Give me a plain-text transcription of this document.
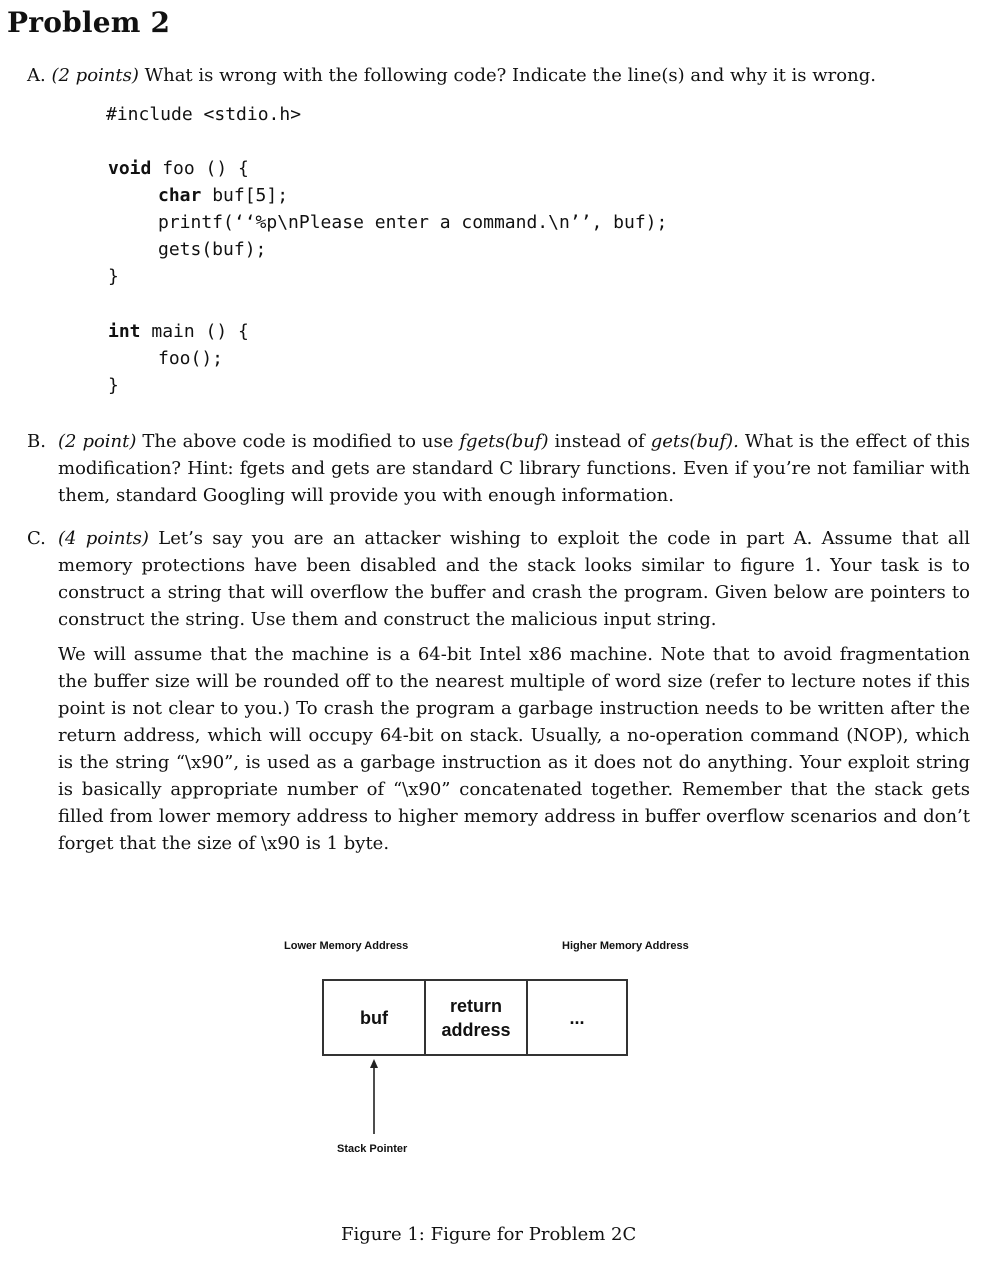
Problem 2
A. (2 points) What is wrong with the following code? Indicate the line(s) and why it is wrong.
#include <stdio.h>
void foo () {
char buf[5];
printf(‘‘%p\nPlease enter a command.\n’’, buf);
gets(buf);
}
int main () {
foo();
}
B. (2 point) The above code is modified to use fgets(buf) instead of gets(buf). What is the effect of this modification? Hint: fgets and gets are standard C library functions. Even if you’re not familiar with them, standard Googling will provide you with enough information.
C. (4 points) Let’s say you are an attacker wishing to exploit the code in part A. Assume that all memory protections have been disabled and the stack looks similar to figure 1. Your task is to construct a string that will overflow the buffer and crash the program. Given below are pointers to construct the string. Use them and construct the malicious input string.
We will assume that the machine is a 64-bit Intel x86 machine. Note that to avoid fragmentation the buffer size will be rounded off to the nearest multiple of word size (refer to lecture notes if this point is not clear to you.) To crash the program a garbage instruction needs to be written after the return address, which will occupy 64-bit on stack. Usually, a no-operation command (NOP), which is the string “\x90”, is used as a garbage instruction as it does not do anything. Your exploit string is basically appropriate number of “\x90” concatenated together. Remember that the stack gets filled from lower memory address to higher memory address in buffer overflow scenarios and don’t forget that the size of \x90 is 1 byte.
Lower Memory Address	Higher Memory Address
buf
return
address
...
Stack Pointer
Figure 1: Figure for Problem 2C
